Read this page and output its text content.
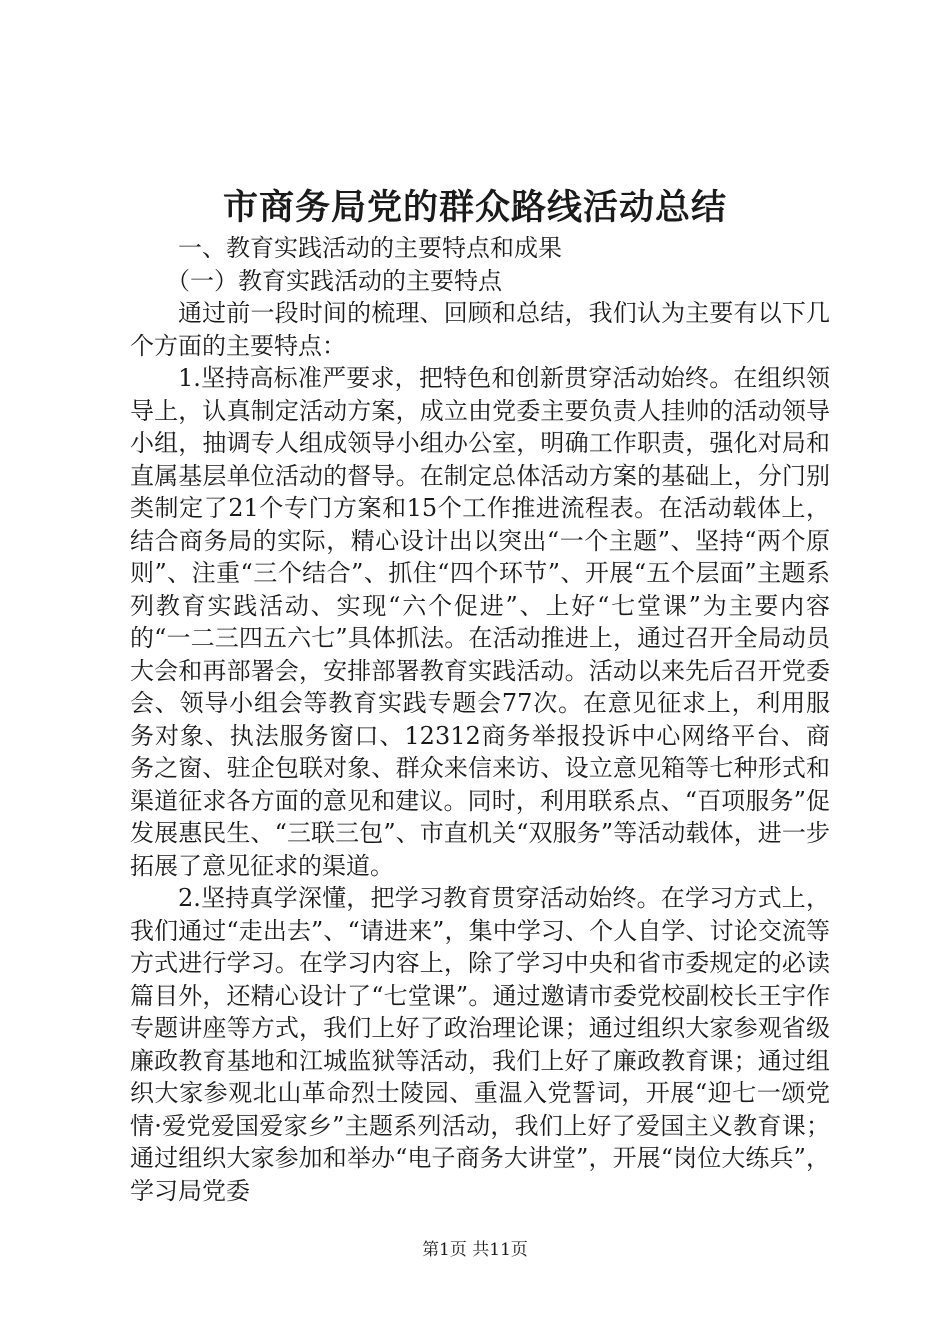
市商务局党的群众路线活动总结

一、教育实践活动的主要特点和成果

（一）教育实践活动的主要特点

通过前一段时间的梳理、回顾和总结，我们认为主要有以下几个方面的主要特点：

1.坚持高标准严要求，把特色和创新贯穿活动始终。在组织领导上，认真制定活动方案，成立由党委主要负责人挂帅的活动领导小组，抽调专人组成领导小组办公室，明确工作职责，强化对局和直属基层单位活动的督导。在制定总体活动方案的基础上，分门别类制定了21个专门方案和15个工作推进流程表。在活动载体上，结合商务局的实际，精心设计出以突出“一个主题”、坚持“两个原则”、注重“三个结合”、抓住“四个环节”、开展“五个层面”主题系列教育实践活动、实现“六个促进”、上好“七堂课”为主要内容的“一二三四五六七”具体抓法。在活动推进上，通过召开全局动员大会和再部署会，安排部署教育实践活动。活动以来先后召开党委会、领导小组会等教育实践专题会77次。在意见征求上，利用服务对象、执法服务窗口、12312商务举报投诉中心网络平台、商务之窗、驻企包联对象、群众来信来访、设立意见箱等七种形式和渠道征求各方面的意见和建议。同时，利用联系点、“百项服务”促发展惠民生、“三联三包”、市直机关“双服务”等活动载体，进一步拓展了意见征求的渠道。

2.坚持真学深懂，把学习教育贯穿活动始终。在学习方式上，我们通过“走出去”、“请进来”，集中学习、个人自学、讨论交流等方式进行学习。在学习内容上，除了学习中央和省市委规定的必读篇目外，还精心设计了“七堂课”。通过邀请市委党校副校长王宇作专题讲座等方式，我们上好了政治理论课；通过组织大家参观省级廉政教育基地和江城监狱等活动，我们上好了廉政教育课；通过组织大家参观北山革命烈士陵园、重温入党誓词，开展“迎七一颂党情·爱党爱国爱家乡”主题系列活动，我们上好了爱国主义教育课；通过组织大家参加和举办“电子商务大讲堂”，开展“岗位大练兵”，学习局党委

第1页 共11页
